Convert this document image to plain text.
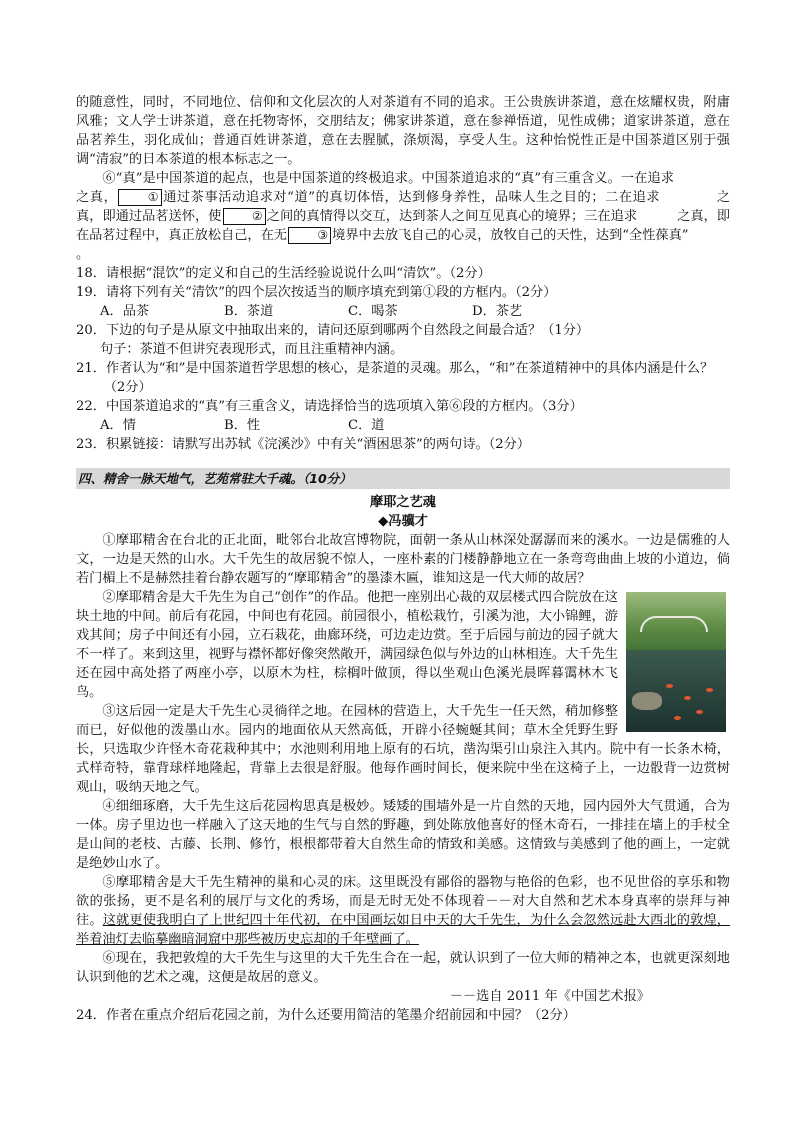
的随意性，同时，不同地位、信仰和文化层次的人对茶道有不同的追求。王公贵族讲茶道，意在炫耀权贵，附庸风雅；文人学士讲茶道，意在托物寄怀，交朋结友；佛家讲茶道，意在参禅悟道，见性成佛；道家讲茶道，意在品茗养生，羽化成仙；普通百姓讲茶道，意在去腥腻，涤烦渴，享受人生。这种怡悦性正是中国茶道区别于强调“清寂”的日本茶道的根本标志之一。

⑥“真”是中国茶道的起点，也是中国茶道的终极追求。中国茶道追求的“真”有三重含义。一在追求之真，	① 通过茶事活动追求对“道”的真切体悟，达到修身养性，品味人生之目的；二在追求	之真，即通过品茗送怀，使	② 之间的真情得以交互，达到茶人之间互见真心的境界；三在追求	之真，即在品茗过程中，真正放松自己，在无	③ 境界中去放飞自己的心灵，放牧自己的天性，达到“全性葆真”
。

18．请根据“混饮”的定义和自己的生活经验说说什么叫“清饮”。（2分）

19．请将下列有关“清饮”的四个层次按适当的顺序填充到第①段的方框内。（2分）

A．品茶	B．茶道	C．喝茶	D．茶艺

20．下边的句子是从原文中抽取出来的，请问还原到哪两个自然段之间最合适？（1分）

句子：茶道不但讲究表现形式，而且注重精神内涵。

21．作者认为“和”是中国茶道哲学思想的核心，是茶道的灵魂。那么，“和”在茶道精神中的具体内涵是什么？（2分）

22．中国茶道追求的“真”有三重含义，请选择恰当的选项填入第⑥段的方框内。（3分）

A．情	B．性	C．道

23．积累链接：请默写出苏轼《浣溪沙》中有关“酒困思茶”的两句诗。（2分）

四、精舍一脉天地气，艺苑常驻大千魂。（10分）

摩耶之艺魂

◆冯骥才

①摩耶精舍在台北的正北面，毗邻台北故宫博物院，面朝一条从山林深处潺潺而来的溪水。一边是儒雅的人文，一边是天然的山水。大千先生的故居貌不惊人，一座朴素的门楼静静地立在一条弯弯曲曲上坡的小道边，倘若门楣上不是赫然挂着台静农题写的“摩耶精舍”的墨漆木匾，谁知这是一代大师的故居？

②摩耶精舍是大千先生为自己“创作”的作品。他把一座别出心裁的双层楼式四合院放在这块土地的中间。前后有花园，中间也有花园。前园很小，植松栽竹，引溪为池，大小锦鲤，游戏其间；房子中间还有小园，立石栽花，曲廊环绕，可边走边赏。至于后园与前边的园子就大不一样了。来到这里，视野与襟怀都好像突然敞开，满园绿色似与外边的山林相连。大千先生还在园中高处搭了两座小亭，以原木为柱，棕榈叶做顶，得以坐观山色溪光晨晖暮霭林木飞鸟。

③这后园一定是大千先生心灵徜徉之地。在园林的营造上，大千先生一任天然，稍加修整而已，好似他的泼墨山水。园内的地面依从天然高低，开辟小径蜿蜒其间；草木全凭野生野长，只选取少许怪木奇花栽种其中；水池则利用地上原有的石坑，凿沟渠引山泉注入其内。院中有一长条木椅，式样奇特，靠背球样地隆起，背靠上去很是舒服。他每作画时间长，便来院中坐在这椅子上，一边骰背一边赏树观山，吸纳天地之气。

④细细琢磨，大千先生这后花园构思真是极妙。矮矮的围墙外是一片自然的天地，园内园外大气贯通，合为一体。房子里边也一样融入了这天地的生气与自然的野趣，到处陈放他喜好的怪木奇石，一排挂在墙上的手杖全是山间的老枝、古藤、长荆、修竹，根根都带着大自然生命的情致和美感。这情致与美感到了他的画上，一定就是绝妙山水了。

⑤摩耶精舍是大千先生精神的巢和心灵的床。这里既没有鄙俗的器物与艳俗的色彩，也不见世俗的享乐和物欲的张扬，更不是名利的展厅与文化的秀场，而是无时无处不体现着－－对大自然和艺术本身真率的崇拜与神往。这就更使我明白了上世纪四十年代初，在中国画坛如日中天的大千先生，为什么会忽然远赴大西北的敦煌，举着油灯去临摹幽暗洞窟中那些被历史忘却的千年壁画了。

⑥现在，我把敦煌的大千先生与这里的大千先生合在一起，就认识到了一位大师的精神之本，也就更深刻地认识到他的艺术之魂，这便是故居的意义。

－－选自 2011 年《中国艺术报》

24．作者在重点介绍后花园之前，为什么还要用简洁的笔墨介绍前园和中园？（2分）
